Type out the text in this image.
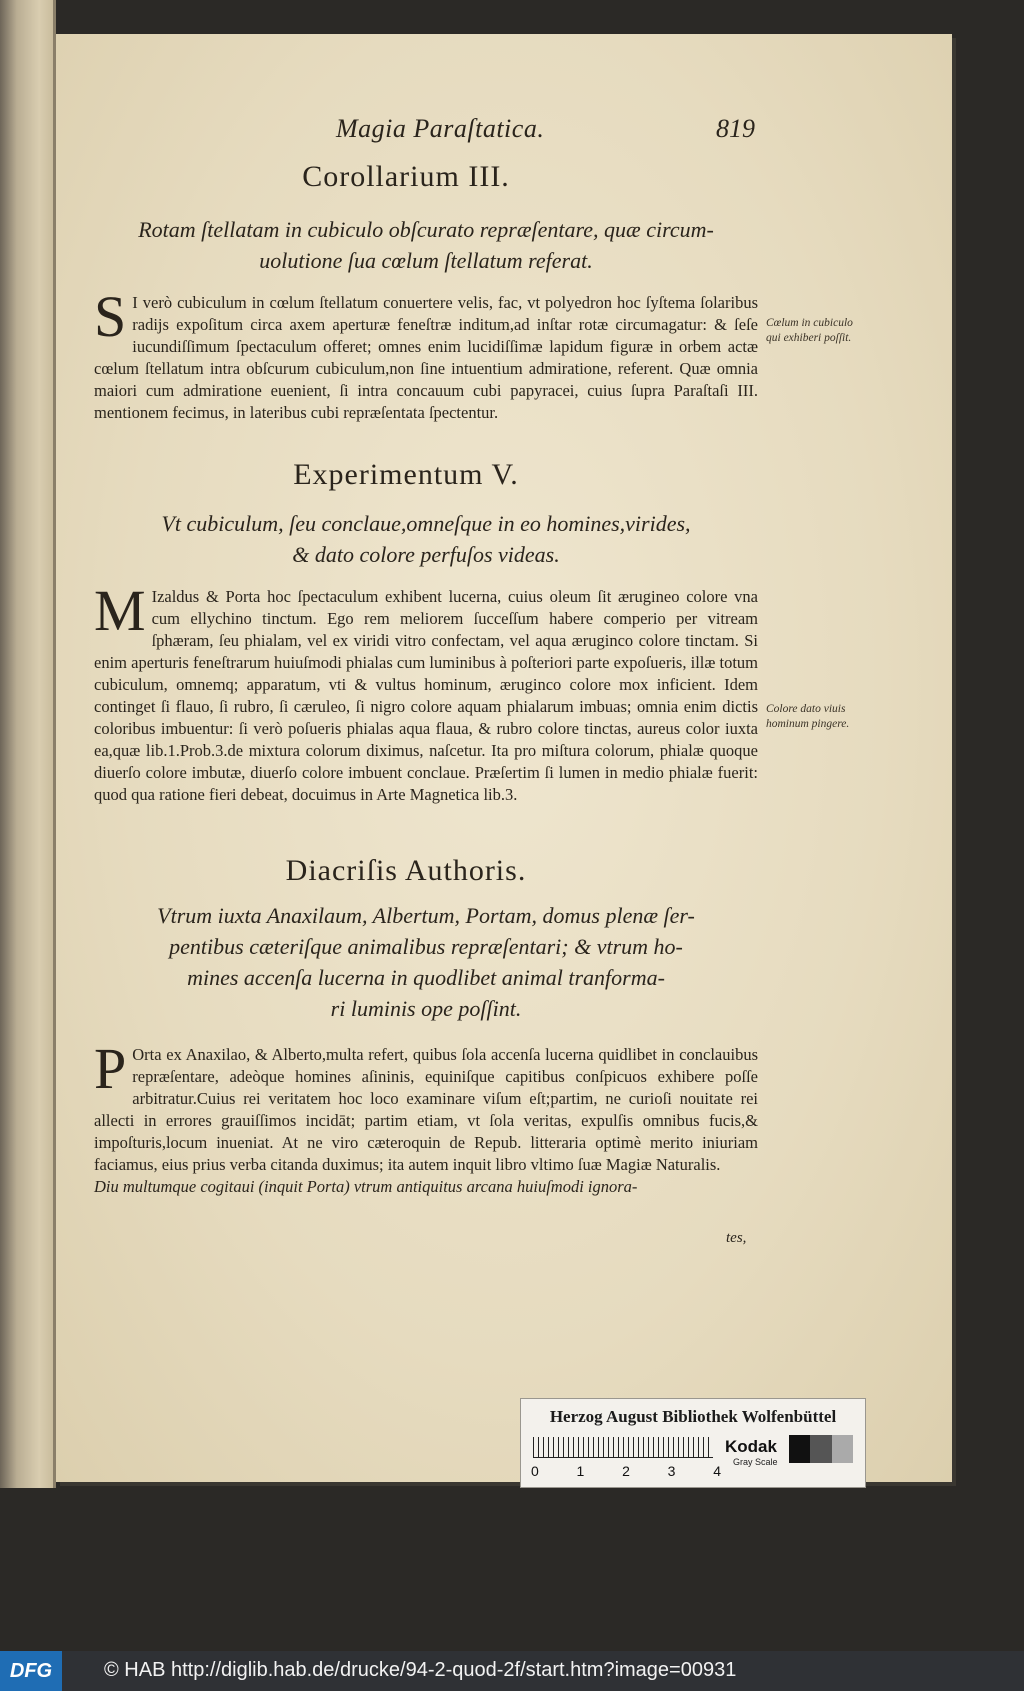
Magia Paraſtatica.	819
Corollarium III.
Rotam ſtellatam in cubiculo obſcurato repræſentare, quæ circum-
uolutione ſua cœlum ſtellatum referat.
S I verò cubiculum in cœlum ſtellatum conuertere velis, fac, vt polyedron hoc ſyſtema ſolaribus radijs expoſitum circa axem aperturæ feneſtræ inditum,ad inſtar rotæ circumagatur: & ſeſe iucundiſſimum ſpectaculum offeret; omnes enim lucidiſſimæ lapidum figuræ in orbem actæ cœlum ſtellatum intra obſcurum cubiculum,non ſine intuentium admiratione, referent. Quæ omnia maiori cum admiratione euenient, ſi intra concauum cubi papyracei, cuius ſupra Paraſtaſi III. mentionem fecimus, in lateribus cubi repræſentata ſpectentur.
Cœlum in cubiculo qui exhiberi poſſit.
Experimentum V.
Vt cubiculum, ſeu conclaue,omneſque in eo homines,virides,
& dato colore perfuſos videas.
M Izaldus & Porta hoc ſpectaculum exhibent lucerna, cuius oleum ſit ærugineo colore vna cum ellychino tinctum. Ego rem meliorem ſucceſſum habere comperio per vitream ſphæram, ſeu phialam, vel ex viridi vitro confectam, vel aqua æruginco colore tinctam. Si enim aperturis feneſtrarum huiuſmodi phialas cum luminibus à poſteriori parte expoſueris, illæ totum cubiculum, omnemq; apparatum, vti & vultus hominum, æruginco colore mox inficient. Idem continget ſi flauo, ſi rubro, ſi cæruleo, ſi nigro colore aquam phialarum imbuas; omnia enim dictis coloribus imbuentur: ſi verò poſueris phialas aqua flaua, & rubro colore tinctas, aureus color iuxta ea,quæ lib.1.Prob.3.de mixtura colorum diximus, naſcetur. Ita pro miſtura colorum, phialæ quoque diuerſo colore imbutæ, diuerſo colore imbuent conclaue. Præſertim ſi lumen in medio phialæ fuerit: quod qua ratione fieri debeat, docuimus in Arte Magnetica lib.3.
Colore dato viuis hominum pingere.
Diacriſis Authoris.
Vtrum iuxta Anaxilaum, Albertum, Portam, domus plenæ ſer-
pentibus cæteriſque animalibus repræſentari; & vtrum ho-
mines accenſa lucerna in quodlibet animal tranforma-
ri luminis ope poſſint.
P Orta ex Anaxilao, & Alberto,multa refert, quibus ſola accenſa lucerna quidlibet in conclauibus repræſentare, adeòque homines aſininis, equiniſque capitibus conſpicuos exhibere poſſe arbitratur.Cuius rei veritatem hoc loco examinare viſum eſt;partim, ne curioſi nouitate rei allecti in errores grauiſſimos incidāt; partim etiam, vt ſola veritas, expulſis omnibus fucis,& impoſturis,locum inueniat. At ne viro cæteroquin de Repub. litteraria optimè merito iniuriam faciamus, eius prius verba citanda duximus; ita autem inquit libro vltimo ſuæ Magiæ Naturalis.
Diu multumque cogitaui (inquit Porta) vtrum antiquitus arcana huiuſmodi ignora-
tes,
Herzog August Bibliothek Wolfenbüttel
0	1	2	3	4
Kodak
Gray Scale
DFG	© HAB http://diglib.hab.de/drucke/94-2-quod-2f/start.htm?image=00931
